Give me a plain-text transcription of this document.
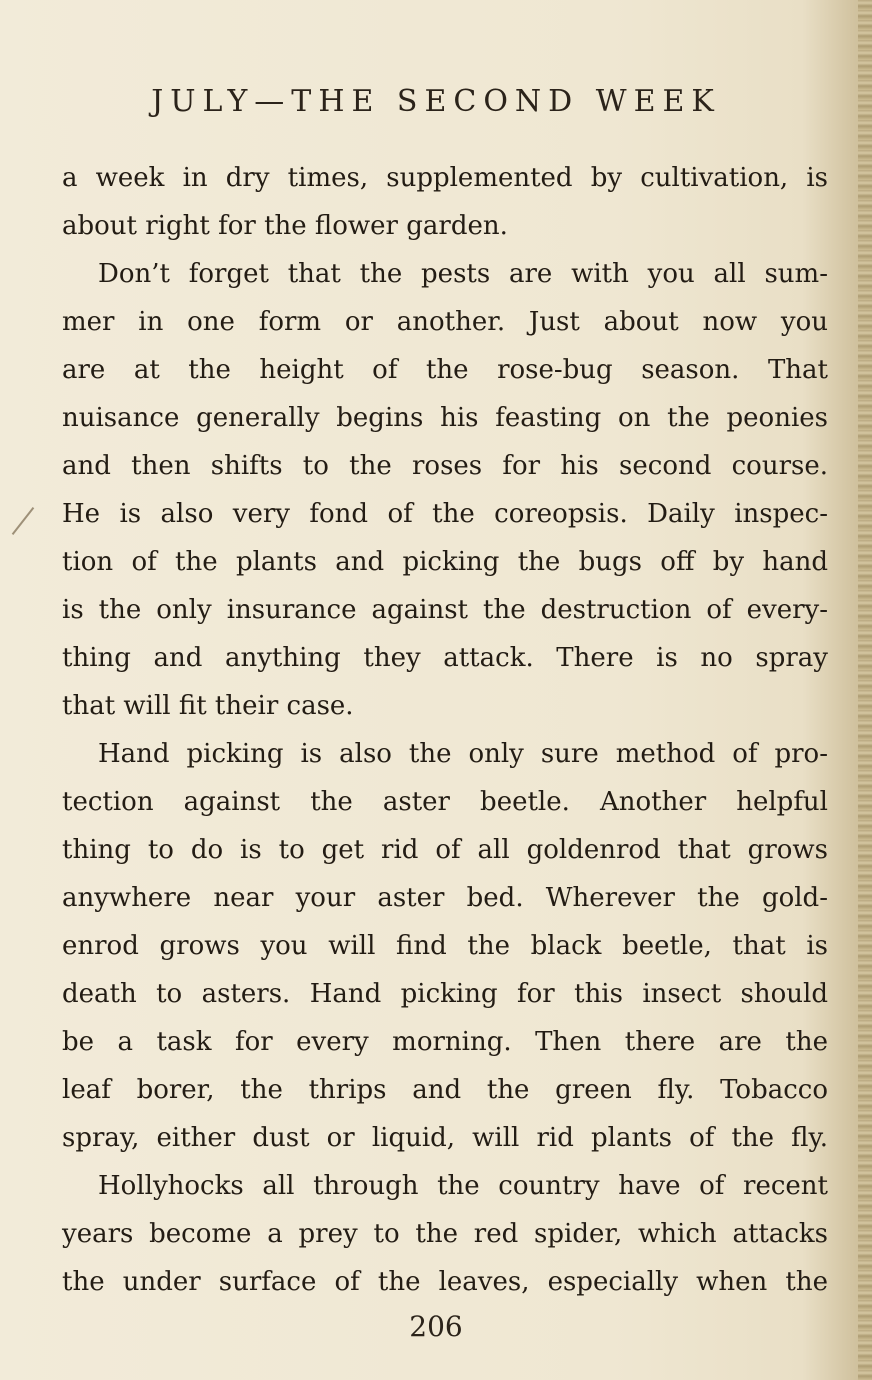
JULY—THE SECOND WEEK
a week in dry times, supplemented by cultivation, is
about right for the flower garden.
Don’t forget that the pests are with you all sum-
mer in one form or another. Just about now you
are at the height of the rose-bug season. That
nuisance generally begins his feasting on the peonies
and then shifts to the roses for his second course.
He is also very fond of the coreopsis. Daily inspec-
tion of the plants and picking the bugs off by hand
is the only insurance against the destruction of every-
thing and anything they attack. There is no spray
that will fit their case.
Hand picking is also the only sure method of pro-
tection against the aster beetle. Another helpful
thing to do is to get rid of all goldenrod that grows
anywhere near your aster bed. Wherever the gold-
enrod grows you will find the black beetle, that is
death to asters. Hand picking for this insect should
be a task for every morning. Then there are the
leaf borer, the thrips and the green fly. Tobacco
spray, either dust or liquid, will rid plants of the fly.
Hollyhocks all through the country have of recent
years become a prey to the red spider, which attacks
the under surface of the leaves, especially when the
206
